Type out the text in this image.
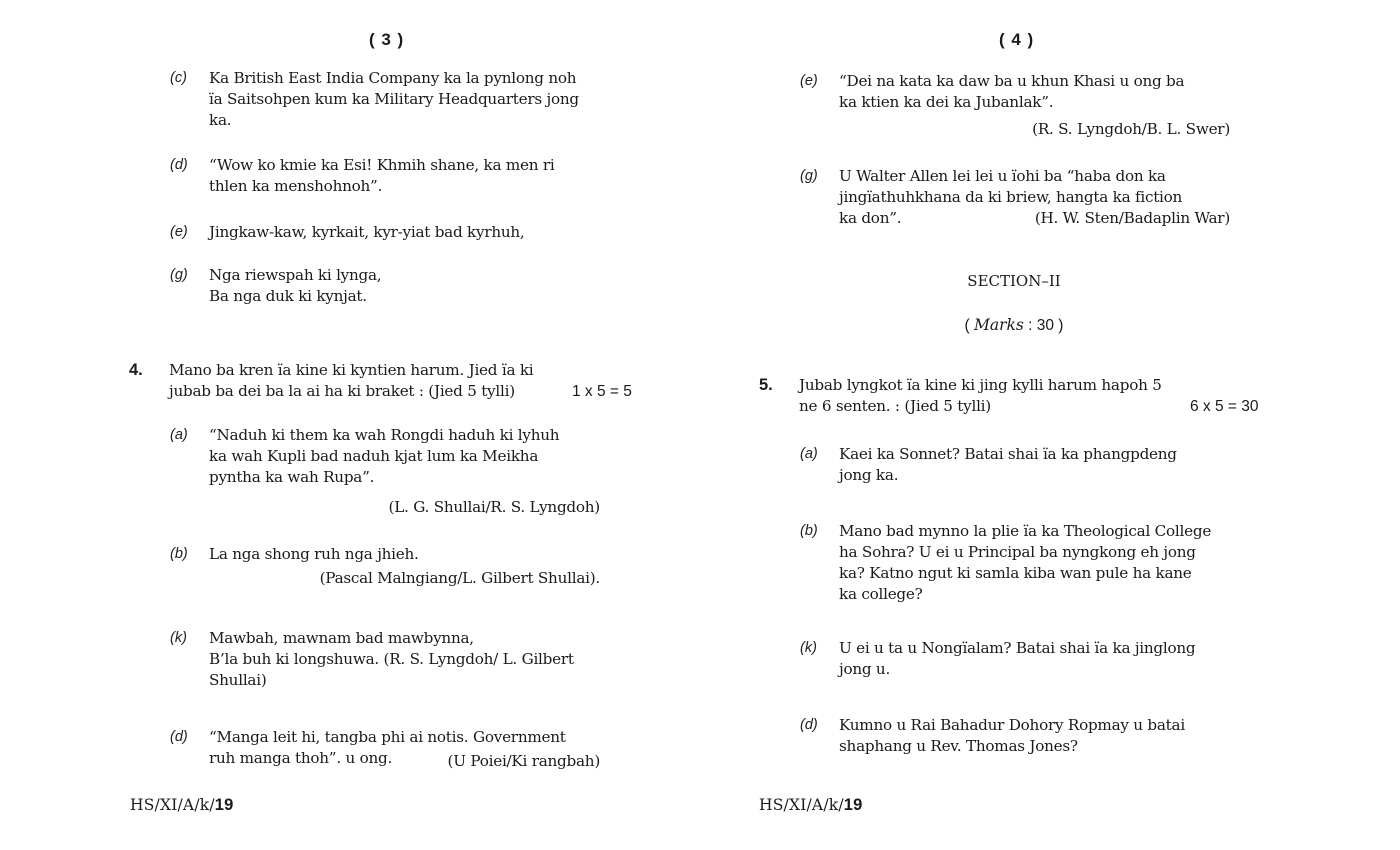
( 3 )
(c) Ka British East India Company ka la pynlong noh
ïa Saitsohpen kum ka Military Headquarters jong
ka.
(d) “Wow ko kmie ka Esi! Khmih shane, ka men ri
thlen ka menshohnoh”.
(e) Jingkaw-kaw, kyrkait, kyr-yiat bad kyrhuh,
(g) Nga riewspah ki lynga,
Ba nga duk ki kynjat.
4. Mano ba kren ïa kine ki kyntien harum. Jied ïa ki
jubab ba dei ba la ai ha ki braket : (Jied 5 tylli)	1 x 5 = 5
(a) “Naduh ki them ka wah Rongdi haduh ki lyhuh
ka wah Kupli bad naduh kjat lum ka Meikha
pyntha ka wah Rupa”.
(L. G. Shullai/R. S. Lyngdoh)
(b) La nga shong ruh nga jhieh.
(Pascal Malngiang/L. Gilbert Shullai).
(k) Mawbah, mawnam bad mawbynna,
B’la buh ki longshuwa. (R. S. Lyngdoh/ L. Gilbert
Shullai)
(d) “Manga leit hi, tangba phi ai notis. Government
ruh manga thoh”. u ong.	(U Poiei/Ki rangbah)
HS/XI/A/k/19
( 4 )
(e) “Dei na kata ka daw ba u khun Khasi u ong ba
ka ktien ka dei ka Jubanlak”.
(R. S. Lyngdoh/B. L. Swer)
(g) U Walter Allen lei lei u ïohi ba “haba don ka
jingïathuhkhana da ki briew, hangta ka fiction
ka don”.	(H. W. Sten/Badaplin War)
SECTION–II
( Marks : 30 )
5. Jubab lyngkot ïa kine ki jing kylli harum hapoh 5
ne 6 senten. : (Jied 5 tylli)	6 x 5 = 30
(a) Kaei ka Sonnet? Batai shai ïa ka phangpdeng
jong ka.
(b) Mano bad mynno la plie ïa ka Theological College
ha Sohra? U ei u Principal ba nyngkong eh jong
ka? Katno ngut ki samla kiba wan pule ha kane
ka college?
(k) U ei u ta u Nongïalam? Batai shai ïa ka jinglong
jong u.
(d) Kumno u Rai Bahadur Dohory Ropmay u batai
shaphang u Rev. Thomas Jones?
HS/XI/A/k/19
